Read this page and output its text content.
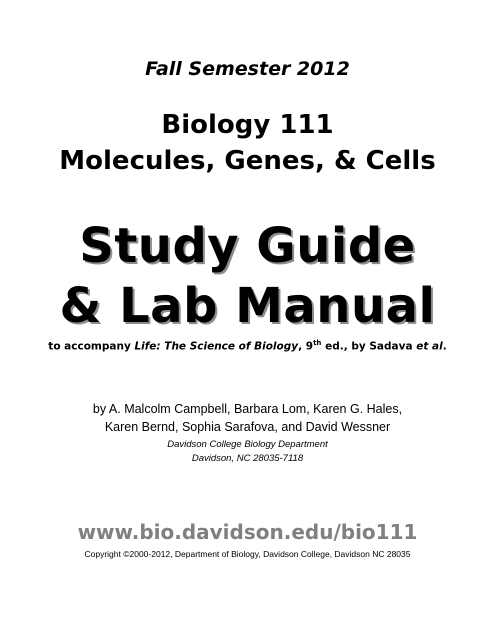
Fall Semester 2012
Biology 111
Molecules, Genes, & Cells
Study Guide
& Lab Manual
to accompany Life: The Science of Biology, 9th ed., by Sadava et al.
by A. Malcolm Campbell, Barbara Lom, Karen G. Hales,
Karen Bernd, Sophia Sarafova, and David Wessner
Davidson College Biology Department
Davidson, NC 28035-7118
www.bio.davidson.edu/bio111
Copyright ©2000-2012, Department of Biology, Davidson College, Davidson NC 28035
